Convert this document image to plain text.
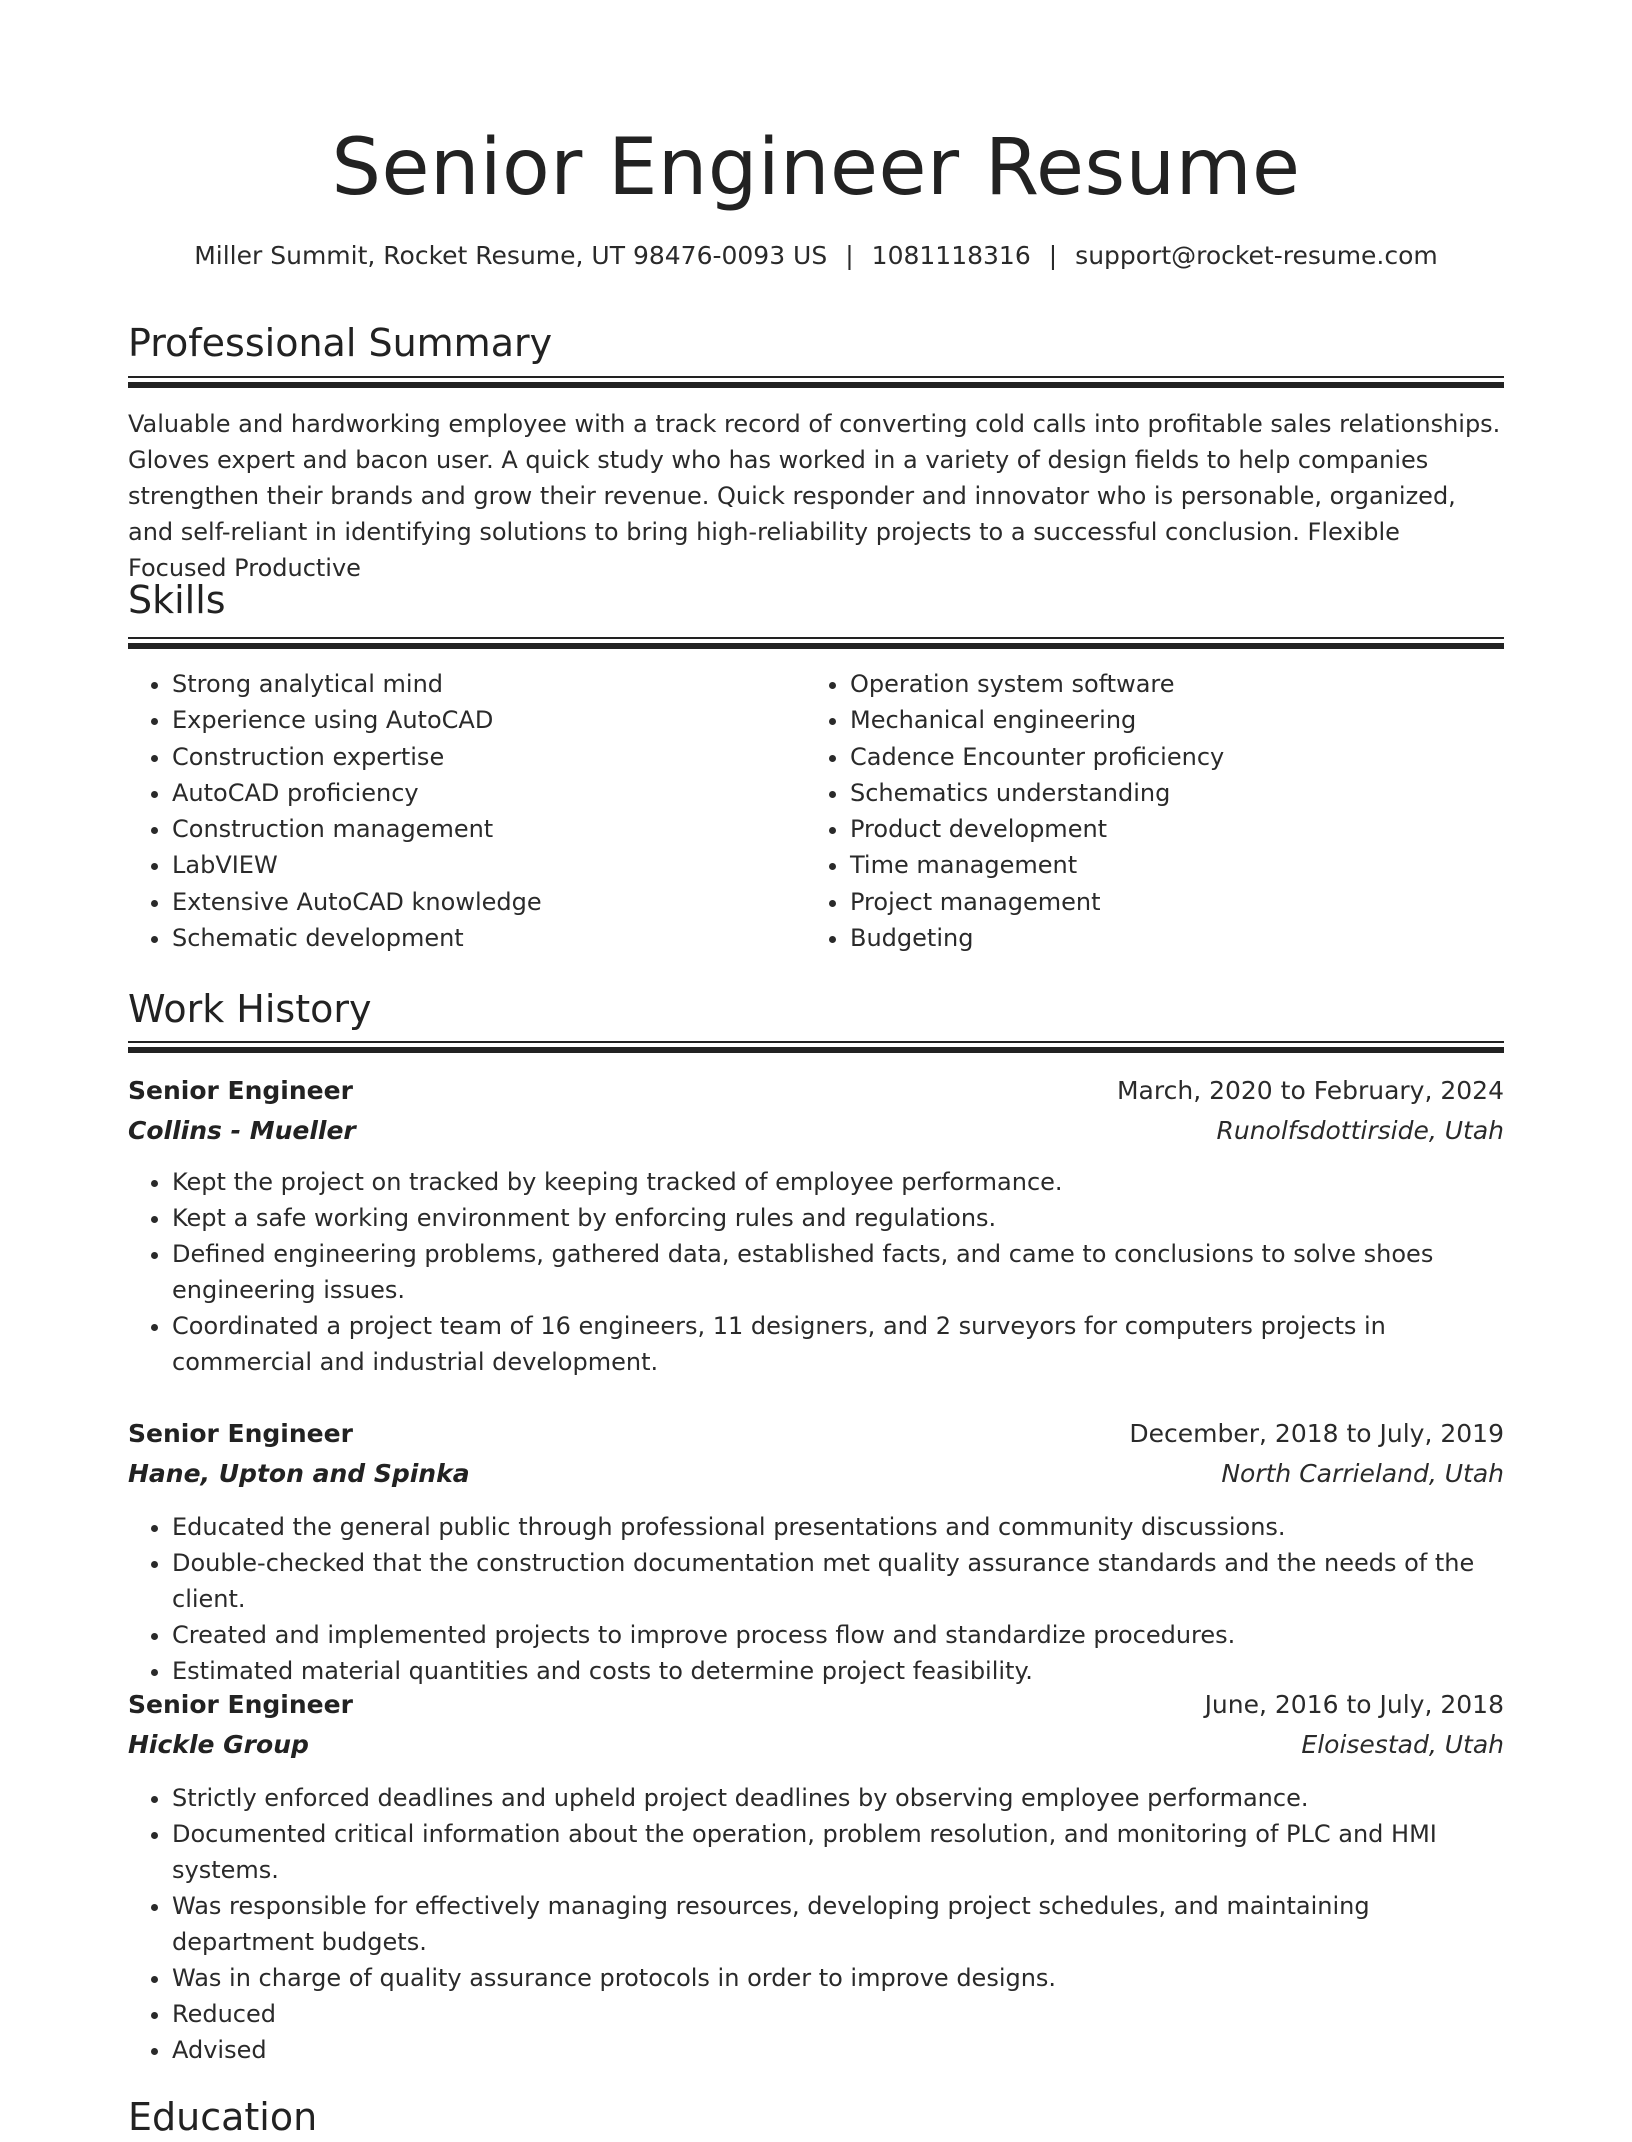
Senior Engineer Resume
Miller Summit, Rocket Resume, UT 98476-0093 US | 1081118316 | support@rocket-resume.com
Professional Summary

Valuable and hardworking employee with a track record of converting cold calls into profitable sales relationships. Gloves expert and bacon user. A quick study who has worked in a variety of design fields to help companies strengthen their brands and grow their revenue. Quick responder and innovator who is personable, organized, and self-reliant in identifying solutions to bring high-reliability projects to a successful conclusion. Flexible Focused Productive

Skills
• Strong analytical mind
• Experience using AutoCAD
• Construction expertise
• AutoCAD proficiency
• Construction management
• LabVIEW
• Extensive AutoCAD knowledge
• Schematic development
• Operation system software
• Mechanical engineering
• Cadence Encounter proficiency
• Schematics understanding
• Product development
• Time management
• Project management
• Budgeting
Work History
Senior Engineer	March, 2020 to February, 2024
Collins - Mueller	Runolfsdottirside, Utah
• Kept the project on tracked by keeping tracked of employee performance.
• Kept a safe working environment by enforcing rules and regulations.
• Defined engineering problems, gathered data, established facts, and came to conclusions to solve shoes engineering issues.
• Coordinated a project team of 16 engineers, 11 designers, and 2 surveyors for computers projects in commercial and industrial development.
Senior Engineer	December, 2018 to July, 2019
Hane, Upton and Spinka	North Carrieland, Utah
• Educated the general public through professional presentations and community discussions.
• Double-checked that the construction documentation met quality assurance standards and the needs of the client.
• Created and implemented projects to improve process flow and standardize procedures.
• Estimated material quantities and costs to determine project feasibility.
Senior Engineer	June, 2016 to July, 2018
Hickle Group	Eloisestad, Utah
• Strictly enforced deadlines and upheld project deadlines by observing employee performance.
• Documented critical information about the operation, problem resolution, and monitoring of PLC and HMI systems.
• Was responsible for effectively managing resources, developing project schedules, and maintaining department budgets.
• Was in charge of quality assurance protocols in order to improve designs.
• Reduced
• Advised
Education
